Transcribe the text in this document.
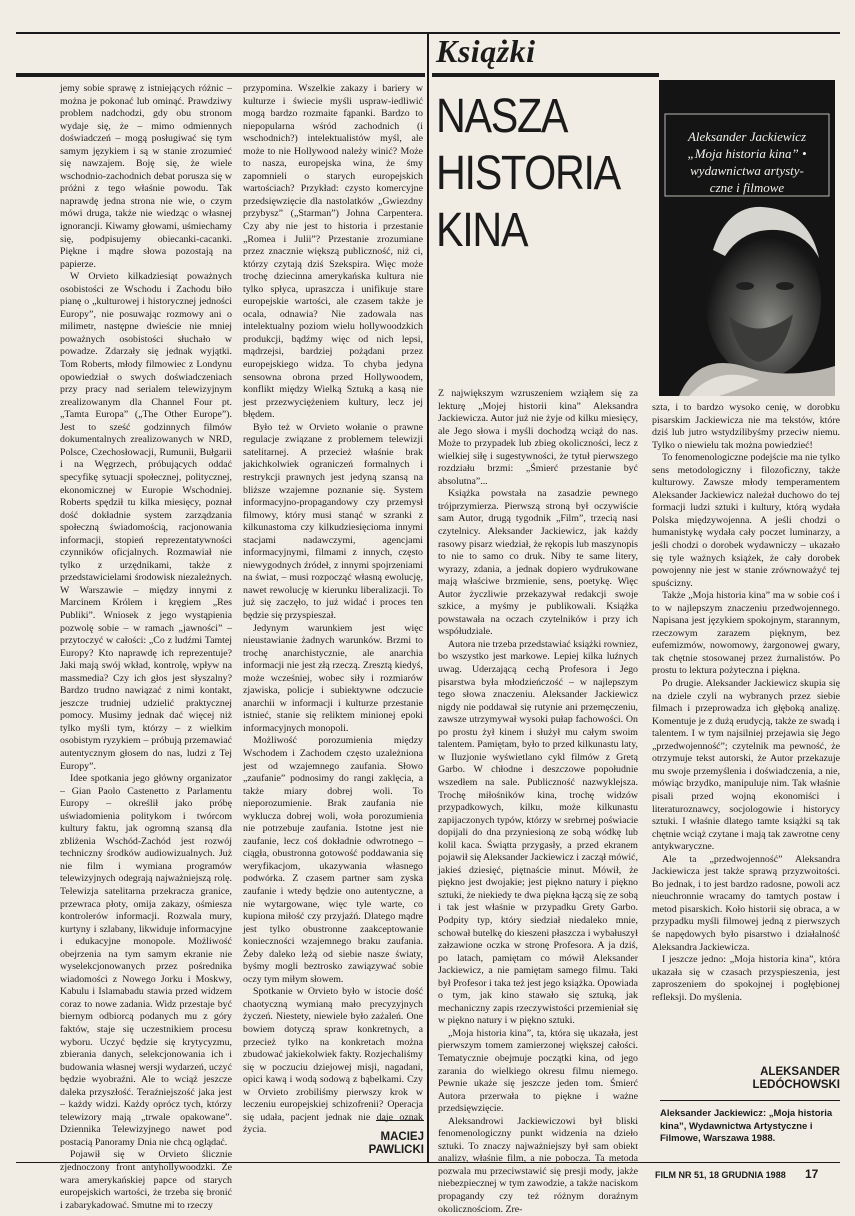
Książki
NASZA
HISTORIA
KINA
Aleksander Jackiewicz
„Moja historia kina” •
wydawnictwa artysty-
czne i filmowe

jemy sobie sprawę z istniejących różnic – można je pokonać lub ominąć. Prawdziwy problem nadchodzi, gdy obu stronom wydaje się, że – mimo odmiennych doświadczeń – mogą posługiwać się tym samym językiem i są w stanie zrozumieć się nawzajem. Boję się, że wiele wschodnio-zachodnich debat porusza się w próżni z tego właśnie powodu. Tak naprawdę jedna strona nie wie, o czym mówi druga, także nie wiedząc o własnej ignorancji. Kiwamy głowami, uśmiechamy się, podpisujemy obiecanki-cacanki. Piękne i mądre słowa pozostają na papierze.

W Orvieto kilkadziesiąt poważnych osobistości ze Wschodu i Zachodu biło pianę o „kulturowej i historycznej jedności Europy”, nie posuwając rozmowy ani o milimetr, następne dwieście nie mniej poważnych osobistości słuchało w powadze. Zdarzały się jednak wyjątki. Tom Roberts, młody filmowiec z Londynu opowiedział o swych doświadczeniach przy pracy nad serialem telewizyjnym zrealizowanym dla Channel Four pt. „Tamta Europa” („The Other Europe”). Jest to sześć godzinnych filmów dokumentalnych zrealizowanych w NRD, Polsce, Czechosłowacji, Rumunii, Bułgarii i na Węgrzech, próbujących oddać specyfikę sytuacji społecznej, politycznej, ekonomicznej w Europie Wschodniej. Roberts spędził tu kilka miesięcy, poznał dość dokładnie system zarządzania społeczną świadomością, racjonowania informacji, stopień reprezentatywności czynników oficjalnych. Rozmawiał nie tylko z urzędnikami, także z przedstawicielami środowisk niezależnych. W Warszawie – między innymi z Marcinem Królem i kręgiem „Res Publiki”. Wniosek z jego wystąpienia pozwolę sobie – w ramach „jawności” – przytoczyć w całości: „Co z ludźmi Tamtej Europy? Kto naprawdę ich reprezentuje? Jaki mają swój wkład, kontrolę, wpływ na massmedia? Czy ich głos jest słyszalny? Bardzo trudno nawiązać z nimi kontakt, jeszcze trudniej udzielić praktycznej pomocy. Musimy jednak dać więcej niż tylko myśli tym, którzy – z wielkim osobistym ryzykiem – próbują przemawiać autentycznym głosem do nas, ludzi z Tej Europy”.

Idee spotkania jego główny organizator – Gian Paolo Castenetto z Parlamentu Europy – określił jako próbę uświadomienia politykom i twórcom kultury faktu, jak ogromną szansą dla zbliżenia Wschód-Zachód jest rozwój techniczny środków audiowizualnych. Już nie film i wymiana programów telewizyjnych odegrają najważniejszą rolę. Telewizja satelitarna przekracza granice, przewraca płoty, omija zakazy, ośmiesza kontrolerów informacji. Rozwala mury, kurtyny i szlabany, likwiduje informacyjne i edukacyjne monopole. Możliwość obejrzenia na tym samym ekranie nie wyselekcjonowanych przez pośrednika wiadomości z Nowego Jorku i Moskwy, Kabulu i Islamabadu stawia przed widzem coraz to nowe zadania. Widz przestaje być biernym odbiorcą podanych mu z góry faktów, staje się uczestnikiem procesu wyboru. Uczyć będzie się krytycyzmu, zbierania danych, selekcjonowania ich i budowania własnej wersji wydarzeń, uczyć będzie wyobraźni. Ale to wciąż jeszcze daleka przyszłość. Teraźniejszość jaka jest – każdy widzi. Każdy oprócz tych, którzy telewizory mają „trwale opakowane”. Dziennika Telewizyjnego nawet pod postacią Panoramy Dnia nie chcą oglądać.

Pojawił się w Orvieto ślicznie zjednoczony front antyhollywoodzki. Że wara amerykańskiej papce od starych europejskich wartości, że trzeba się bronić i zabarykadować. Smutne mi to rzeczy

przypomina. Wszelkie zakazy i bariery w kulturze i świecie myśli uspraw-iedliwić mogą bardzo rozmaite fąpanki. Bardzo to niepopularna wśród zachodnich (i wschodnich?) intelektualistów myśl, ale może to nie Hollywood należy winić? Może to nasza, europejska wina, że śmy zapomnieli o starych europejskich wartościach? Przykład: czysto komercyjne przedsięwzięcie dla nastolatków „Gwiezdny przybysz” („Starman”) Johna Carpentera. Czy aby nie jest to historia i przestanie „Romea i Julii”? Przestanie zrozumiane przez znacznie większą publiczność, niż ci, którzy czytają dziś Szekspira. Więc może trochę dziecinna amerykańska kultura nie tylko spłyca, upraszcza i unifikuje stare europejskie wartości, ale czasem także je ocala, odnawia? Nie zadowala nas intelektualny poziom wielu hollywoodzkich produkcji, bądźmy więc od nich lepsi, mądrzejsi, bardziej pożądani przez europejskiego widza. To chyba jedyna sensowna obrona przed Hollywoodem, konflikt między Wielką Sztuką a kasą nie jest przezwyciężeniem kultury, lecz jej błędem.

Było też w Orvieto wołanie o prawne regulacje związane z problemem telewizji satelitarnej. A przecież właśnie brak jakichkolwiek ograniczeń formalnych i restrykcji prawnych jest jedyną szansą na bliższe wzajemne poznanie się. System informacyjno-propagandowy czy przemysł filmowy, który musi stanąć w szranki z kilkunastoma czy kilkudziesięcioma innymi stacjami nadawczymi, agencjami informacyjnymi, filmami z innych, często niewygodnych źródeł, z innymi spojrzeniami na świat, – musi rozpocząć własną ewolucję, nawet rewolucję w kierunku liberalizacji. To już się zaczęło, to już widać i proces ten będzie się przyspieszał.

Jedynym warunkiem jest więc nieustawianie żadnych warunków. Brzmi to trochę anarchistycznie, ale anarchia informacji nie jest złą rzeczą. Zresztą kiedyś, może wcześniej, wobec siły i rozmiarów zjawiska, policje i subiektywne odczucie anarchii w informacji i kulturze przestanie istnieć, stanie się reliktem minionej epoki informacyjnych monopoli.

Możliwość porozumienia między Wschodem i Zachodem często uzależniona jest od wzajemnego zaufania. Słowo „zaufanie” podnosimy do rangi zaklęcia, a także miary dobrej woli. To nieporozumienie. Brak zaufania nie wyklucza dobrej woli, woła porozumienia nie potrzebuje zaufania. Istotne jest nie zaufanie, lecz coś dokładnie odwrotnego – ciągła, obustronna gotowość poddawania się weryfikacjom, ukazywania własnego podwórka. Z czasem partner sam zyska zaufanie i wtedy będzie ono autentyczne, a nie wytargowane, więc tyle warte, co kupiona miłość czy przyjaźń. Dlatego mądre jest tylko obustronne zaakceptowanie konieczności wzajemnego braku zaufania. Żeby daleko leżą od siebie nasze światy, byśmy mogli beztrosko zawiązywać sobie oczy tym miłym słowem.

Spotkanie w Orvieto było w istocie dość chaotyczną wymianą mało precyzyjnych życzeń. Niestety, niewiele było zażaleń. One bowiem dotyczą spraw konkretnych, a przecież tylko na konkretach można zbudować jakiekolwiek fakty. Rozjechaliśmy się w poczuciu dziejowej misji, nagadani, opici kawą i wodą sodową z bąbelkami. Czy w Orvieto zrobiliśmy pierwszy krok w leczeniu europejskiej schizofrenii? Operacja się udała, pacjent jednak nie daje oznak życia.

MACIEJ
PAWLICKI

Z największym wzruszeniem wziąłem się za lekturę „Mojej historii kina” Aleksandra Jackiewicza. Autor już nie żyje od kilku miesięcy, ale Jego słowa i myśli dochodzą wciąż do nas. Może to przypadek lub zbieg okoliczności, lecz z wielkiej siłę i sugestywności, że tytuł pierwszego rozdziału brzmi: „Śmierć przestanie być absolutna”...

Książka powstała na zasadzie pewnego trójprzymierza. Pierwszą stroną był oczywiście sam Autor, drugą tygodnik „Film”, trzecią nasi czytelnicy. Aleksander Jackiewicz, jak każdy rasowy pisarz wiedział, że rękopis lub maszynopis to nie to samo co druk. Niby te same litery, wyrazy, zdania, a jednak dopiero wydrukowane mają właściwe brzmienie, sens, poetykę. Więc Autor życzliwie przekazywał redakcji swoje szkice, a myśmy je publikowali. Książka powstawała na oczach czytelników i przy ich współudziale.

Autora nie trzeba przedstawiać książki rowniez, bo wszystko jest markowe. Lepiej kilka luźnych uwag. Uderzającą cechą Profesora i Jego pisarstwa była młodzieńczość – w najlepszym tego słowa znaczeniu. Aleksander Jackiewicz nigdy nie poddawał się rutynie ani przemęczeniu, zawsze utrzymywał wysoki pułap fachowości. On po prostu żył kinem i służył mu całym swoim talentem. Pamiętam, było to przed kilkunastu laty, w Iluzjonie wyświetlano cykl filmów z Gretą Garbo. W chłodne i deszczowe popołudnie wszedłem na sale. Publiczność nazwyklejsza. Trochę miłośników kina, trochę widzów przypadkowych, kilku, może kilkunastu zapijaczonych typów, którzy w srebrnej poświacie dopijali do dna przyniesioną ze sobą wódkę lub kolil kaca. Świątta przygasły, a przed ekranem pojawił się Aleksander Jackiewicz i zaczął mówić, jakieś dziesięć, piętnaście minut. Mówił, że piękno jest dwojakie; jest piękno natury i piękno sztuki, że niekiedy te dwa piękna łączą się ze sobą i tak jest właśnie w przypadku Grety Garbo. Podpity typ, który siedział niedaleko mnie, schował butelkę do kieszeni płaszcza i wybałuszył załzawione oczka w stronę Profesora. A ja dziś, po latach, pamiętam co mówił Aleksander Jackiewicz, a nie pamiętam samego filmu. Taki był Profesor i taka też jest jego książka. Opowiada o tym, jak kino stawało się sztuką, jak mechaniczny zapis rzeczywistości przemieniał się w piękno natury i w piękno sztuki.

„Moja historia kina”, ta, która się ukazała, jest pierwszym tomem zamierzonej większej całości. Tematycznie obejmuje początki kina, od jego zarania do wielkiego okresu filmu niemego. Pewnie ukaże się jeszcze jeden tom. Śmierć Autora przerwała to piękne i ważne przedsięwzięcie.

Aleksandrowi Jackiewiczowi był bliski fenomenologiczny punkt widzenia na dzieło sztuki. To znaczy najważniejszy był sam obiekt analizy, właśnie film, a nie pobocza. Ta metoda pozwala mu przeciwstawić się presji mody, jakże niebezpiecznej w tym zawodzie, a także naciskom propagandy czy też różnym doraźnym okolicznościom. Zre-

szta, i to bardzo wysoko cenię, w dorobku pisarskim Jackiewicza nie ma tekstów, które dziś lub jutro wstydzilibyśmy przeciw niemu. Tylko o niewielu tak można powiedzieć!

To fenomenologiczne podejście ma nie tylko sens metodologiczny i filozoficzny, także kulturowy. Zawsze młody temperamentem Aleksander Jackiewicz należał duchowo do tej formacji ludzi sztuki i kultury, którą wydała Polska międzywojenna. A jeśli chodzi o humanistykę wydała cały poczet luminarzy, a jeśli chodzi o dorobek wydawniczy – ukazało się tyle ważnych książek, że cały dorobek powojenny nie jest w stanie zrównoważyć tej spuścizny.

Także „Moja historia kina” ma w sobie coś i to w najlepszym znaczeniu przedwojennego. Napisana jest językiem spokojnym, starannym, rzeczowym zarazem pięknym, bez eufemizmów, nowomowy, żargonowej gwary, tak chętnie stosowanej przez żurnalistów. Po prostu to lektura pożyteczna i piękna.

Po drugie. Aleksander Jackiewicz skupia się na dziele czyli na wybranych przez siebie filmach i przeprowadza ich głęboką analizę. Komentuje je z dużą erudycją, także ze swadą i talentem. I w tym najsilniej przejawia się Jego „przedwojenność”; czytelnik ma pewność, że otrzymuje tekst autorski, że Autor przekazuje mu swoje przemyślenia i doświadczenia, a nie, mówiąc brzydko, manipuluje nim. Tak właśnie pisali przed wojną ekonomiści i literaturoznawcy, socjologowie i historycy sztuki. I właśnie dlatego tamte książki są tak chętnie wciąż czytane i mają tak zawrotne ceny antykwaryczne.

Ale ta „przedwojenność” Aleksandra Jackiewicza jest także sprawą przyzwoitości. Bo jednak, i to jest bardzo radosne, powoli acz nieuchronnie wracamy do tamtych postaw i metod pisarskich. Koło historii się obraca, a w przypadku myśli filmowej jedną z pierwszych śe napędowych było pisarstwo i działalność Aleksandra Jackiewicza.

I jeszcze jedno: „Moja historia kina”, która ukazała się w czasach przyspieszenia, jest zaproszeniem do spokojnej i pogłębionej refleksji. Do myślenia.

ALEKSANDER
LEDÓCHOWSKI
Aleksander Jackiewicz: „Moja historia kina”, Wydawnictwa Artystyczne i Filmowe, Warszawa 1988.
FILM NR 51, 18 GRUDNIA 1988	17
